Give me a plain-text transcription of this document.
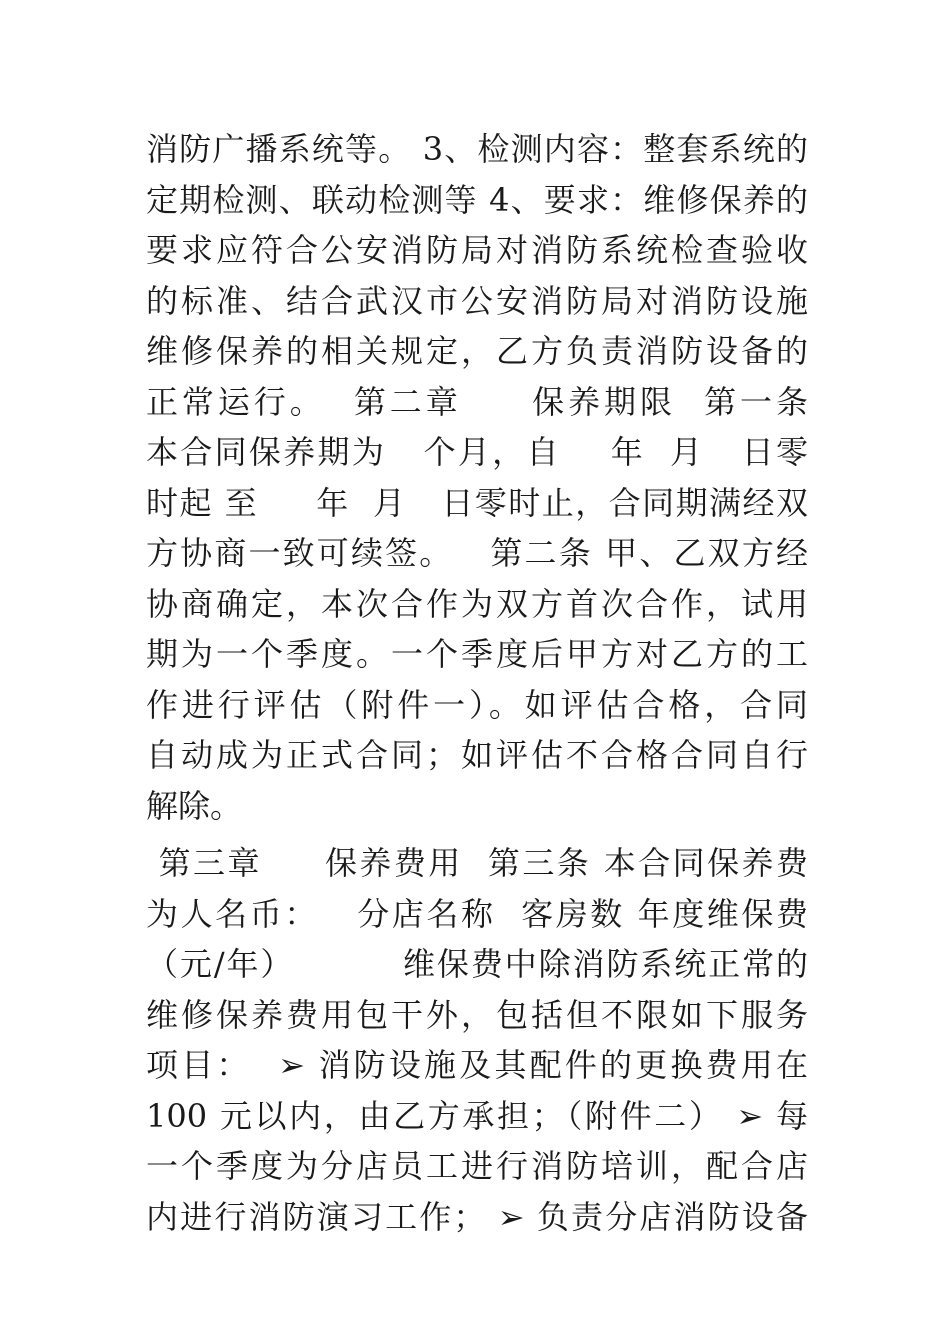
消防广播系统等。 3、检测内容：整套系统的
定期检测、联动检测等 4、要求：维修保养的
要求应符合公安消防局对消防系统检查验收
的标准、结合武汉市公安消防局对消防设施
维修保养的相关规定，乙方负责消防设备的
正常运行。  第二章     保养期限  第一条
本合同保养期为   个月，自    年  月   日零
时起 至     年  月   日零时止，合同期满经双
方协商一致可续签。   第二条 甲、乙双方经
协商确定，本次合作为双方首次合作，试用
期为一个季度。一个季度后甲方对乙方的工
作进行评估（附件一）。如评估合格，合同
自动成为正式合同；如评估不合格合同自行
解除。
第三章     保养费用  第三条 本合同保养费
为人名币：   分店名称  客房数 年度维保费
（元/年）         维保费中除消防系统正常的
维修保养费用包干外，包括但不限如下服务
项目：  ➢ 消防设施及其配件的更换费用在
100 元以内，由乙方承担；（附件二） ➢ 每
一个季度为分店员工进行消防培训，配合店
内进行消防演习工作； ➢ 负责分店消防设备
